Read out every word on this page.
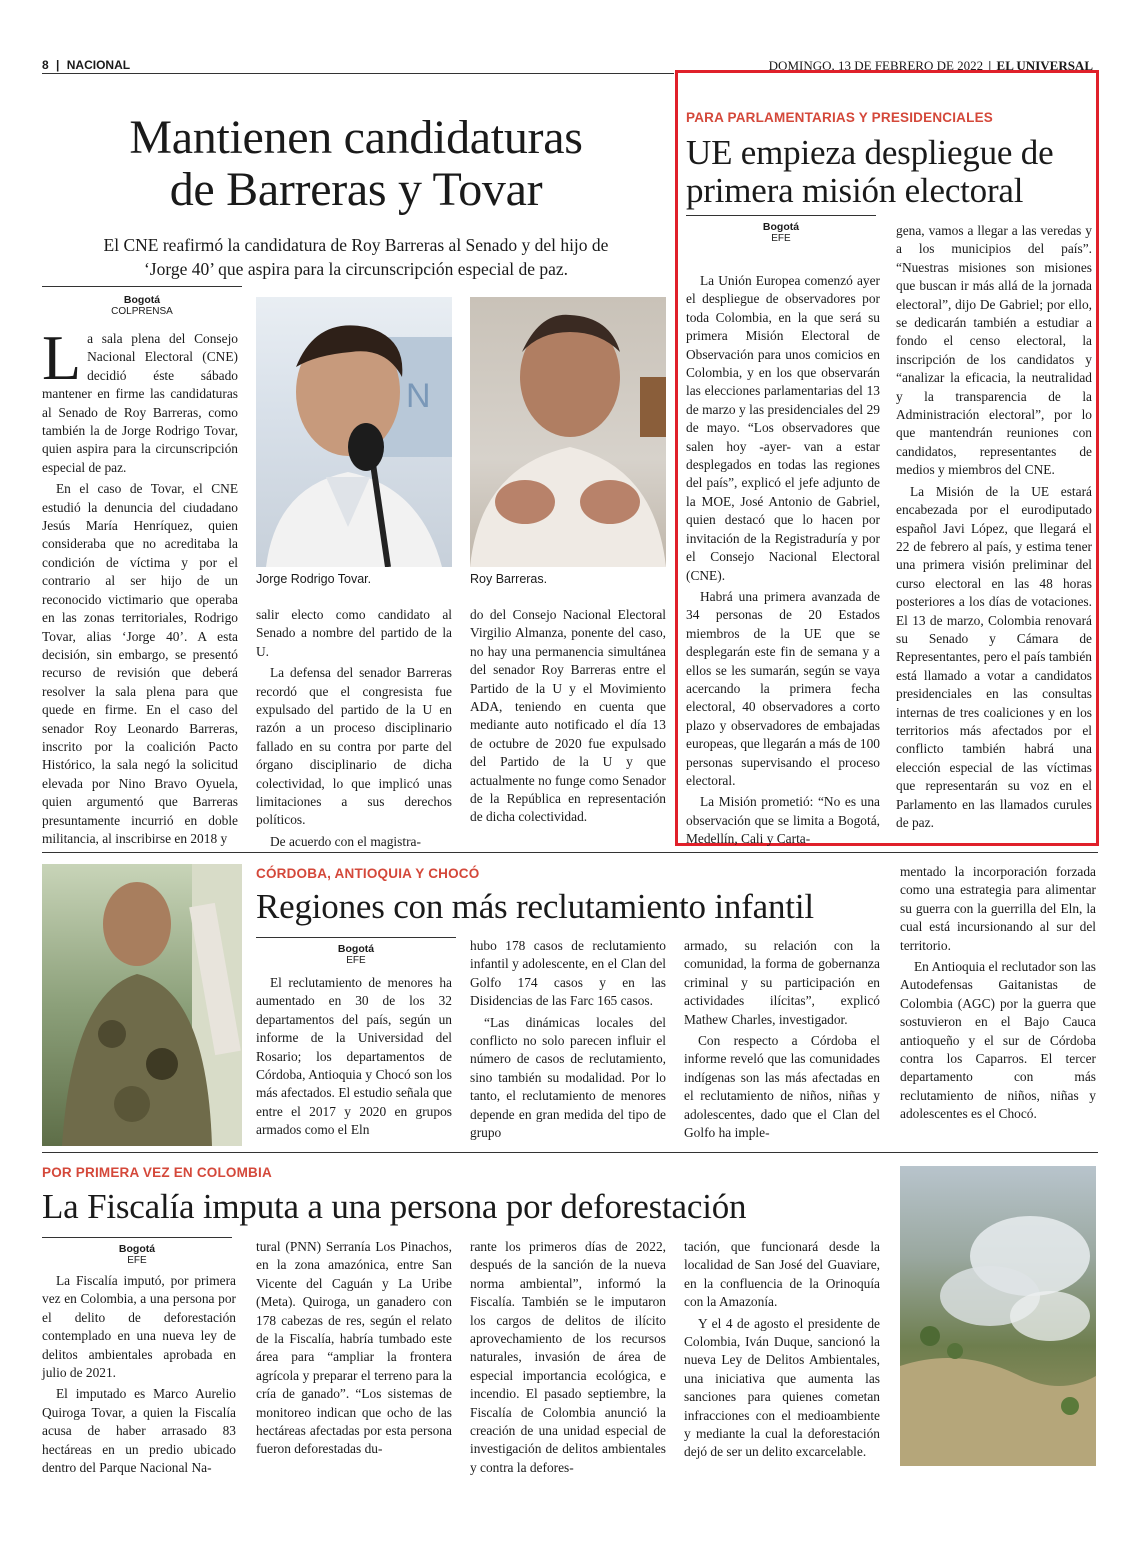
8 | NACIONAL	DOMINGO, 13 DE FEBRERO DE 2022 | EL UNIVERSAL
Mantienen candidaturas
de Barreras y Tovar
El CNE reafirmó la candidatura de Roy Barreras al Senado y del hijo de
‘Jorge 40’ que aspira para la circunscripción especial de paz.
Bogotá
COLPRENSA

La sala plena del Consejo Nacional Electoral (CNE) decidió éste sábado mantener en firme las candidaturas al Senado de Roy Barreras, como también la de Jorge Rodrigo Tovar, quien aspira para la circunscripción especial de paz.

En el caso de Tovar, el CNE estudió la denuncia del ciudadano Jesús María Henríquez, quien consideraba que no acreditaba la condición de víctima y por el contrario al ser hijo de un reconocido victimario que operaba en las zonas territoriales, Rodrigo Tovar, alias ‘Jorge 40’. A esta decisión, sin embargo, se presentó recurso de revisión que deberá resolver la sala plena para que quede en firme. En el caso del senador Roy Leonardo Barreras, inscrito por la coalición Pacto Histórico, la sala negó la solicitud elevada por Nino Bravo Oyuela, quien argumentó que Barreras presuntamente incurrió en doble militancia, al inscribirse en 2018 y

N
Jorge Rodrigo Tovar.	Roy Barreras.

salir electo como candidato al Senado a nombre del partido de la U.

La defensa del senador Barreras recordó que el congresista fue expulsado del partido de la U en razón a un proceso disciplinario fallado en su contra por parte del órgano disciplinario de dicha colectividad, lo que implicó unas limitaciones a sus derechos políticos.

De acuerdo con el magistra-

do del Consejo Nacional Electoral Virgilio Almanza, ponente del caso, no hay una permanencia simultánea del senador Roy Barreras entre el Partido de la U y el Movimiento ADA, teniendo en cuenta que mediante auto notificado el día 13 de octubre de 2020 fue expulsado del Partido de la U y que actualmente no funge como Senador de la República en representación de dicha colectividad.

PARA PARLAMENTARIAS Y PRESIDENCIALES
UE empieza despliegue de
primera misión electoral
Bogotá
EFE

La Unión Europea comenzó ayer el despliegue de observadores por toda Colombia, en la que será su primera Misión Electoral de Observación para unos comicios en Colombia, y en los que observarán las elecciones parlamentarias del 13 de marzo y las presidenciales del 29 de mayo. “Los observadores que salen hoy -ayer- van a estar desplegados en todas las regiones del país”, explicó el jefe adjunto de la MOE, José Antonio de Gabriel, quien destacó que lo hacen por invitación de la Registraduría y por el Consejo Nacional Electoral (CNE).

Habrá una primera avanzada de 34 personas de 20 Estados miembros de la UE que se desplegarán este fin de semana y a ellos se les sumarán, según se vaya acercando la primera fecha electoral, 40 observadores a corto plazo y observadores de embajadas europeas, que llegarán a más de 100 personas supervisando el proceso electoral.

La Misión prometió: “No es una observación que se limita a Bogotá, Medellín, Cali y Carta-

gena, vamos a llegar a las veredas y a los municipios del país”. “Nuestras misiones son misiones que buscan ir más allá de la jornada electoral”, dijo De Gabriel; por ello, se dedicarán también a estudiar a fondo el censo electoral, la inscripción de los candidatos y “analizar la eficacia, la neutralidad y la transparencia de la Administración electoral”, por lo que mantendrán reuniones con candidatos, representantes de medios y miembros del CNE.

La Misión de la UE estará encabezada por el eurodiputado español Javi López, que llegará el 22 de febrero al país, y estima tener una primera visión preliminar del curso electoral en las 48 horas posteriores a los días de votaciones. El 13 de marzo, Colombia renovará su Senado y Cámara de Representantes, pero el país también está llamado a votar a candidatos presidenciales en las consultas internas de tres coaliciones y en los territorios más afectados por el conflicto también habrá una elección especial de las víctimas que representarán su voz en el Parlamento en las llamados curules de paz.

CÓRDOBA, ANTIOQUIA Y CHOCÓ
Regiones con más reclutamiento infantil
Bogotá
EFE

El reclutamiento de menores ha aumentado en 30 de los 32 departamentos del país, según un informe de la Universidad del Rosario; los departamentos de Córdoba, Antioquia y Chocó son los más afectados. El estudio señala que entre el 2017 y 2020 en grupos armados como el Eln

hubo 178 casos de reclutamiento infantil y adolescente, en el Clan del Golfo 174 casos y en las Disidencias de las Farc 165 casos.

“Las dinámicas locales del conflicto no solo parecen influir el número de casos de reclutamiento, sino también su modalidad. Por lo tanto, el reclutamiento de menores depende en gran medida del tipo de grupo

armado, su relación con la comunidad, la forma de gobernanza criminal y su participación en actividades ilícitas”, explicó Mathew Charles, investigador.

Con respecto a Córdoba el informe reveló que las comunidades indígenas son las más afectadas en el reclutamiento de niños, niñas y adolescentes, dado que el Clan del Golfo ha imple-

mentado la incorporación forzada como una estrategia para alimentar su guerra con la guerrilla del Eln, la cual está incursionando al sur del territorio.

En Antioquia el reclutador son las Autodefensas Gaitanistas de Colombia (AGC) por la guerra que sostuvieron en el Bajo Cauca antioqueño y el sur de Córdoba contra los Caparros. El tercer departamento con más reclutamiento de niños, niñas y adolescentes es el Chocó.

POR PRIMERA VEZ EN COLOMBIA
La Fiscalía imputa a una persona por deforestación
Bogotá
EFE

La Fiscalía imputó, por primera vez en Colombia, a una persona por el delito de deforestación contemplado en una nueva ley de delitos ambientales aprobada en julio de 2021.

El imputado es Marco Aurelio Quiroga Tovar, a quien la Fiscalía acusa de haber arrasado 83 hectáreas en un predio ubicado dentro del Parque Nacional Na-

tural (PNN) Serranía Los Pinachos, en la zona amazónica, entre San Vicente del Caguán y La Uribe (Meta). Quiroga, un ganadero con 178 cabezas de res, según el relato de la Fiscalía, habría tumbado este área para “ampliar la frontera agrícola y preparar el terreno para la cría de ganado”. “Los sistemas de monitoreo indican que ocho de las hectáreas afectadas por esta persona fueron deforestadas du-

rante los primeros días de 2022, después de la sanción de la nueva norma ambiental”, informó la Fiscalía. También se le imputaron los cargos de delitos de ilícito aprovechamiento de los recursos naturales, invasión de área de especial importancia ecológica, e incendio. El pasado septiembre, la Fiscalía de Colombia anunció la creación de una unidad especial de investigación de delitos ambientales y contra la defores-

tación, que funcionará desde la localidad de San José del Guaviare, en la confluencia de la Orinoquía con la Amazonía.

Y el 4 de agosto el presidente de Colombia, Iván Duque, sancionó la nueva Ley de Delitos Ambientales, una iniciativa que aumenta las sanciones para quienes cometan infracciones con el medioambiente y mediante la cual la deforestación dejó de ser un delito excarcelable.
